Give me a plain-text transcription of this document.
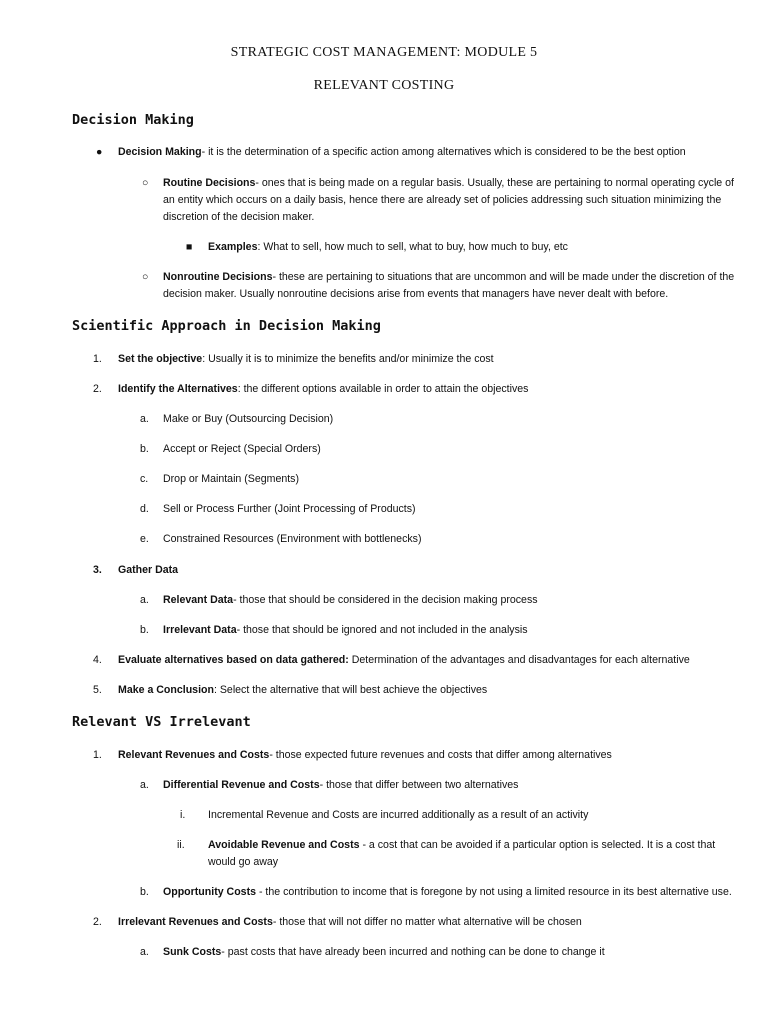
STRATEGIC COST MANAGEMENT: MODULE 5
RELEVANT COSTING
Decision Making
● Decision Making- it is the determination of a specific action among alternatives which is considered to be the best option
○ Routine Decisions- ones that is being made on a regular basis. Usually, these are pertaining to normal operating cycle of
an entity which occurs on a daily basis, hence there are already set of policies addressing such situation minimizing the
discretion of the decision maker.
■ Examples: What to sell, how much to sell, what to buy, how much to buy, etc
○ Nonroutine Decisions- these are pertaining to situations that are uncommon and will be made under the discretion of the
decision maker. Usually nonroutine decisions arise from events that managers have never dealt with before.
Scientific Approach in Decision Making
1. Set the objective: Usually it is to minimize the benefits and/or minimize the cost
2. Identify the Alternatives: the different options available in order to attain the objectives
a. Make or Buy (Outsourcing Decision)
b. Accept or Reject (Special Orders)
c. Drop or Maintain (Segments)
d. Sell or Process Further (Joint Processing of Products)
e. Constrained Resources (Environment with bottlenecks)
3. Gather Data
a. Relevant Data- those that should be considered in the decision making process
b. Irrelevant Data- those that should be ignored and not included in the analysis
4. Evaluate alternatives based on data gathered: Determination of the advantages and disadvantages for each alternative
5. Make a Conclusion: Select the alternative that will best achieve the objectives
Relevant VS Irrelevant
1. Relevant Revenues and Costs- those expected future revenues and costs that differ among alternatives
a. Differential Revenue and Costs- those that differ between two alternatives
i. Incremental Revenue and Costs are incurred additionally as a result of an activity
ii. Avoidable Revenue and Costs - a cost that can be avoided if a particular option is selected. It is a cost that
would go away
b. Opportunity Costs - the contribution to income that is foregone by not using a limited resource in its best alternative use.
2. Irrelevant Revenues and Costs- those that will not differ no matter what alternative will be chosen
a. Sunk Costs- past costs that have already been incurred and nothing can be done to change it
